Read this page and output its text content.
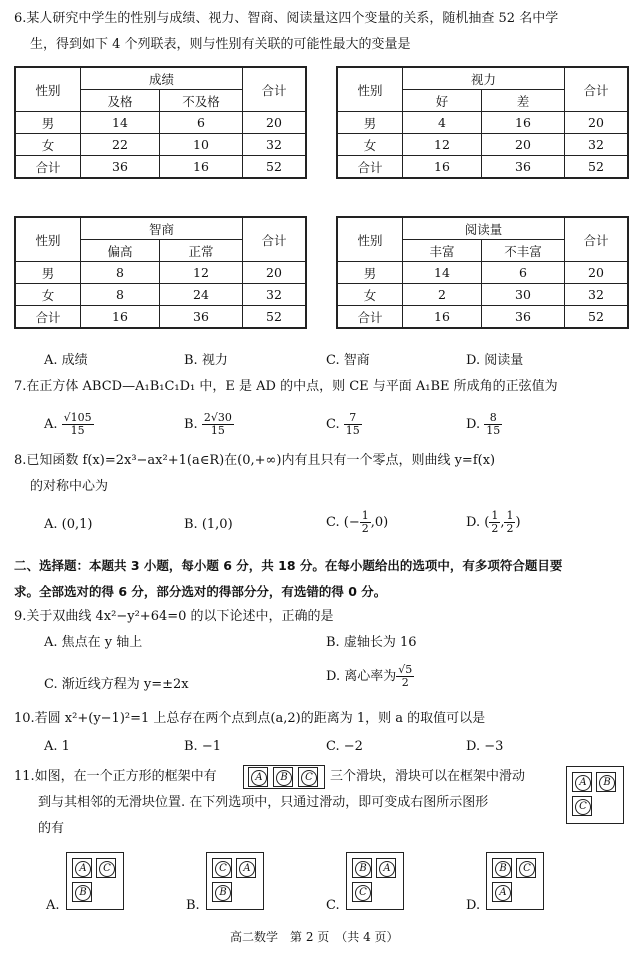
6.某人研究中学生的性别与成绩、视力、智商、阅读量这四个变量的关系，随机抽查 52 名中学
生，得到如下 4 个列联表，则与性别有关联的可能性最大的变量是
性别	成绩		合计
	及格	不及格	
男	14	6	20
女	22	10	32
合计	36	16	52
性别	视力		合计
	好	差	
男	4	16	20
女	12	20	32
合计	16	36	52
性别	智商		合计
	偏高	正常	
男	8	12	20
女	8	24	32
合计	16	36	52
性别	阅读量		合计
	丰富	不丰富	
男	14	6	20
女	2	30	32
合计	16	36	52
A. 成绩	B. 视力	C. 智商	D. 阅读量
7.在正方体 ABCD—A₁B₁C₁D₁ 中，E 是 AD 的中点，则 CE 与平面 A₁BE 所成角的正弦值为
A. $\frac{√105}{15}$	B. $\frac{2√30}{15}$	C. $\frac{7}{15}$	D. $\frac{8}{15}$
8.已知函数 f(x)=2x³−ax²+1(a∈R)在(0,+∞)内有且只有一个零点，则曲线 y=f(x)
的对称中心为
A. (0,1)	B. (1,0)	C. (− $\frac{1}{2} ,0$)	D. ( $\frac{1}{2}$ , $\frac{1}{2}$ )
二、选择题：本题共 3 小题，每小题 6 分，共 18 分。在每小题给出的选项中，有多项符合题目要
求。全部选对的得 6 分，部分选对的得部分分，有选错的得 0 分。
9.关于双曲线 4x²−y²+64=0 的以下论述中，正确的是
A. 焦点在 y 轴上	B. 虚轴长为 16
C. 渐近线方程为 y=±2x
D. 离心率为 $\frac{√5}{2}$
10.若圆 x²+(y−1)²=1 上总存在两个点到点(a,2)的距离为 1，则 a 的取值可以是
A. 1	B. −1	C. −2	D. −3
11.如图，在一个正方形的框架中有	A	B	C	三个滑块，滑块可以在框架中滑动
到与其相邻的无滑块位置. 在下列选项中，只通过滑动，即可变成右图所示图形
的有
A	B
C
A.
A	C
B
B.
C	A
B
C.
B	A
C
D.
B	C
A
高二数学　第 2 页　（共 4 页）
